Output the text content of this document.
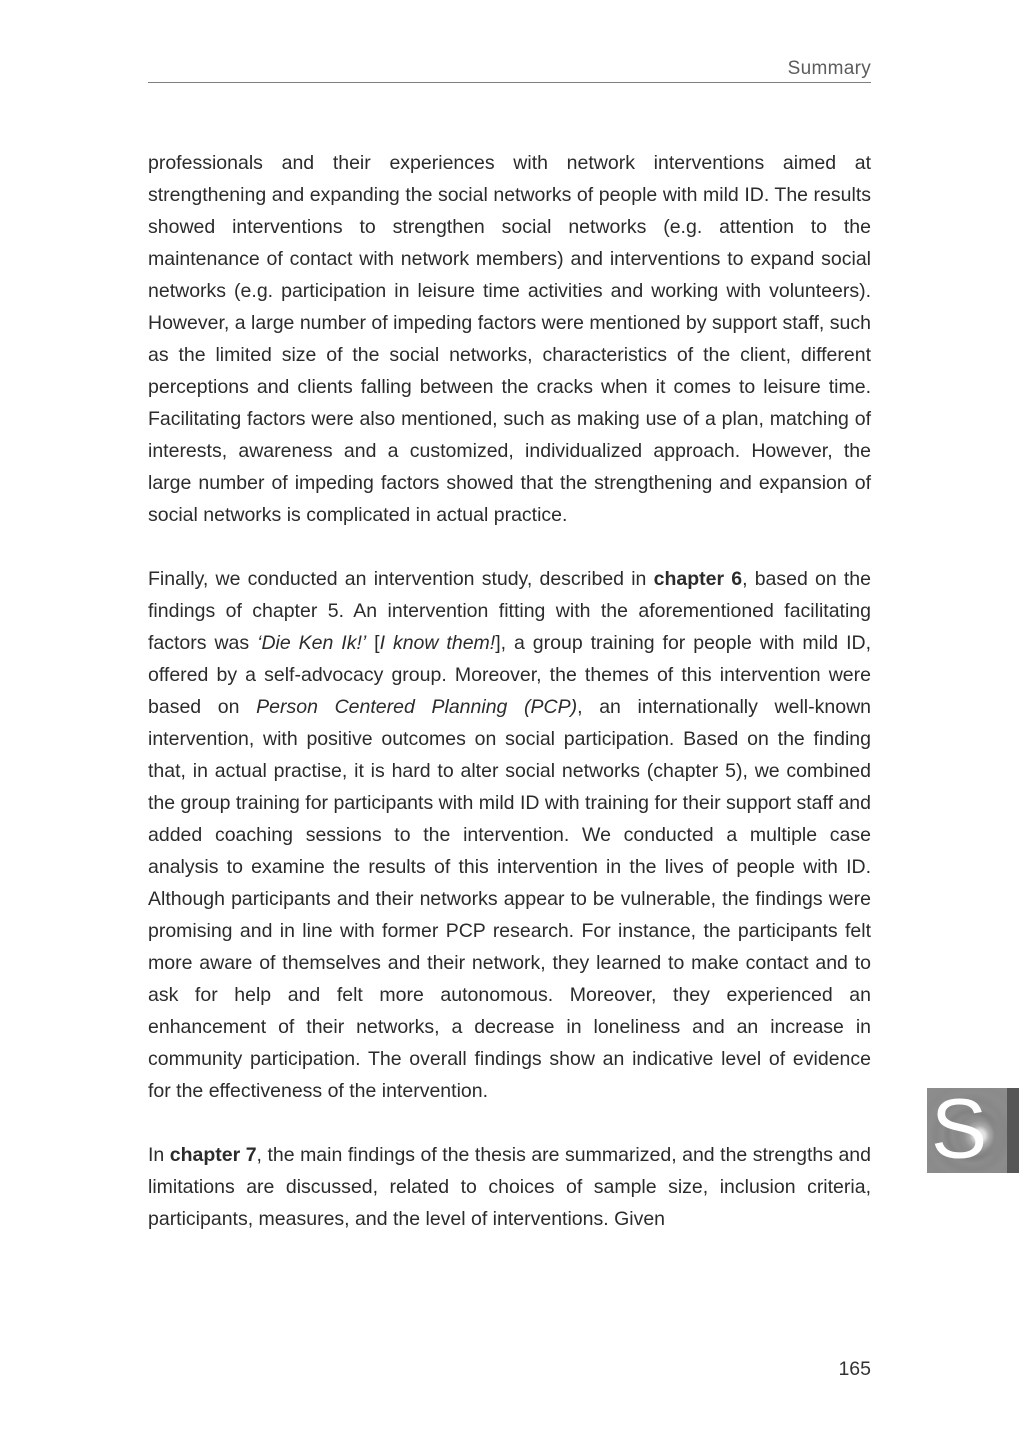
Summary

professionals and their experiences with network interventions aimed at strengthening and expanding the social networks of people with mild ID. The results showed interventions to strengthen social networks (e.g. attention to the maintenance of contact with network members) and interventions to expand social networks (e.g. participation in leisure time activities and working with volunteers). However, a large number of impeding factors were mentioned by support staff, such as the limited size of the social networks, characteristics of the client, different perceptions and clients falling between the cracks when it comes to leisure time. Facilitating factors were also mentioned, such as making use of a plan, matching of interests, awareness and a customized, individualized approach. However, the large number of impeding factors showed that the strengthening and expansion of social networks is complicated in actual practice.

Finally, we conducted an intervention study, described in chapter 6, based on the findings of chapter 5. An intervention fitting with the aforementioned facilitating factors was ‘Die Ken Ik!’ [I know them!], a group training for people with mild ID, offered by a self-advocacy group. Moreover, the themes of this intervention were based on Person Centered Planning (PCP), an internationally well-known intervention, with positive outcomes on social participation. Based on the finding that, in actual practise, it is hard to alter social networks (chapter 5), we combined the group training for participants with mild ID with training for their support staff and added coaching sessions to the intervention. We conducted a multiple case analysis to examine the results of this intervention in the lives of people with ID. Although participants and their networks appear to be vulnerable, the findings were promising and in line with former PCP research. For instance, the participants felt more aware of themselves and their network, they learned to make contact and to ask for help and felt more autonomous. Moreover, they experienced an enhancement of their networks, a decrease in loneliness and an increase in community participation. The overall findings show an indicative level of evidence for the effectiveness of the intervention.

In chapter 7, the main findings of the thesis are summarized, and the strengths and limitations are discussed, related to choices of sample size, inclusion criteria, participants, measures, and the level of interventions. Given

S
165
